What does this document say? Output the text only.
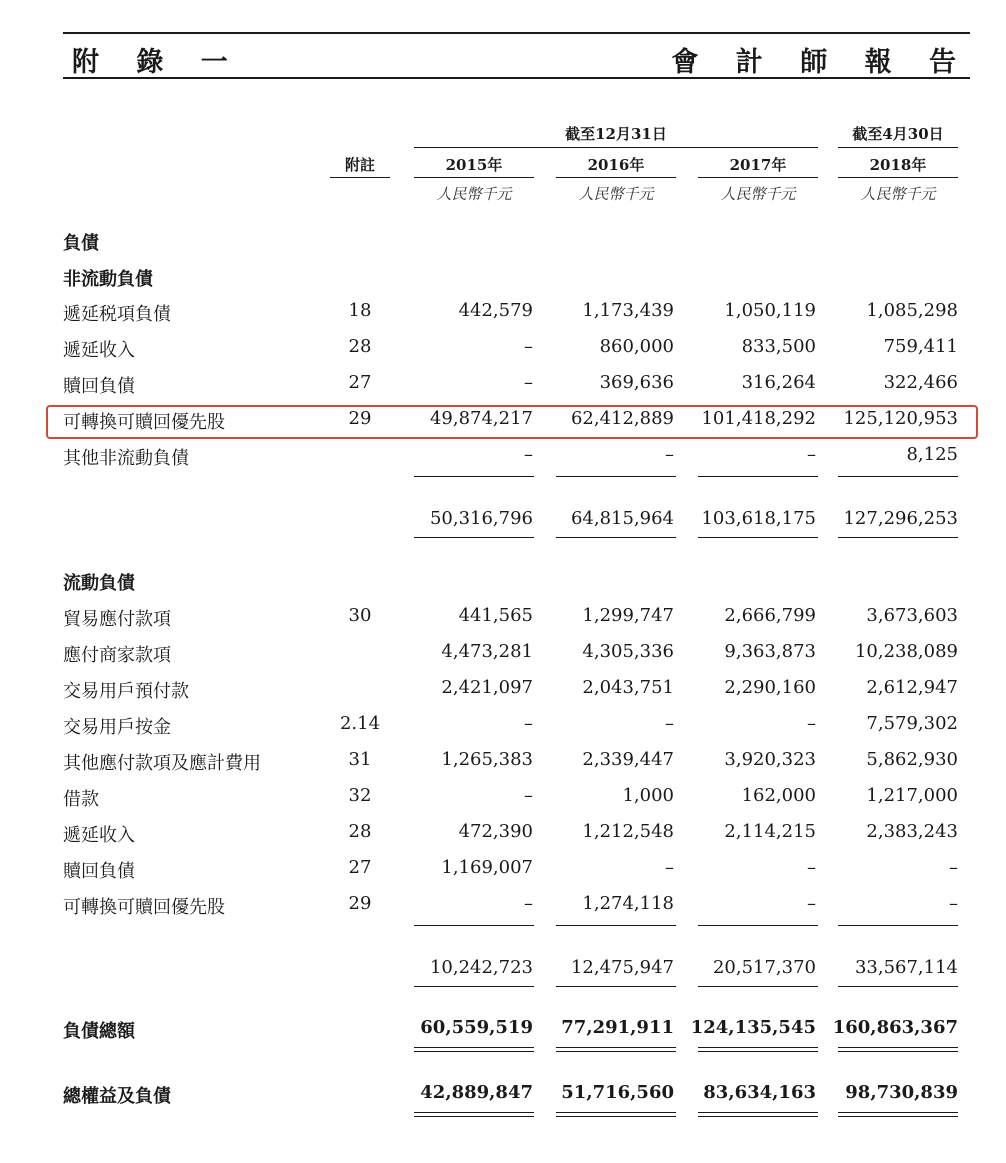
附 錄 一	會 計 師 報 告
截至12月31日	截至4月30日
附註	2015年	2016年	2017年	2018年
人民幣千元	人民幣千元	人民幣千元	人民幣千元
負債
非流動負債
遞延税項負債	18	442,579	1,173,439	1,050,119	1,085,298
遞延收入	28	–	860,000	833,500	759,411
贖回負債	27	–	369,636	316,264	322,466
可轉換可贖回優先股	29	49,874,217	62,412,889	101,418,292	125,120,953
其他非流動負債	–	–	–	8,125
50,316,796	64,815,964	103,618,175	127,296,253
流動負債
貿易應付款項	30	441,565	1,299,747	2,666,799	3,673,603
應付商家款項	4,473,281	4,305,336	9,363,873	10,238,089
交易用戶預付款	2,421,097	2,043,751	2,290,160	2,612,947
交易用戶按金	2.14	–	–	–	7,579,302
其他應付款項及應計費用	31	1,265,383	2,339,447	3,920,323	5,862,930
借款	32	–	1,000	162,000	1,217,000
遞延收入	28	472,390	1,212,548	2,114,215	2,383,243
贖回負債	27	1,169,007	–	–	–
可轉換可贖回優先股	29	–	1,274,118	–	–
10,242,723	12,475,947	20,517,370	33,567,114
負債總額	60,559,519	77,291,911 124,135,545 160,863,367
總權益及負債	42,889,847	51,716,560	83,634,163	98,730,839
